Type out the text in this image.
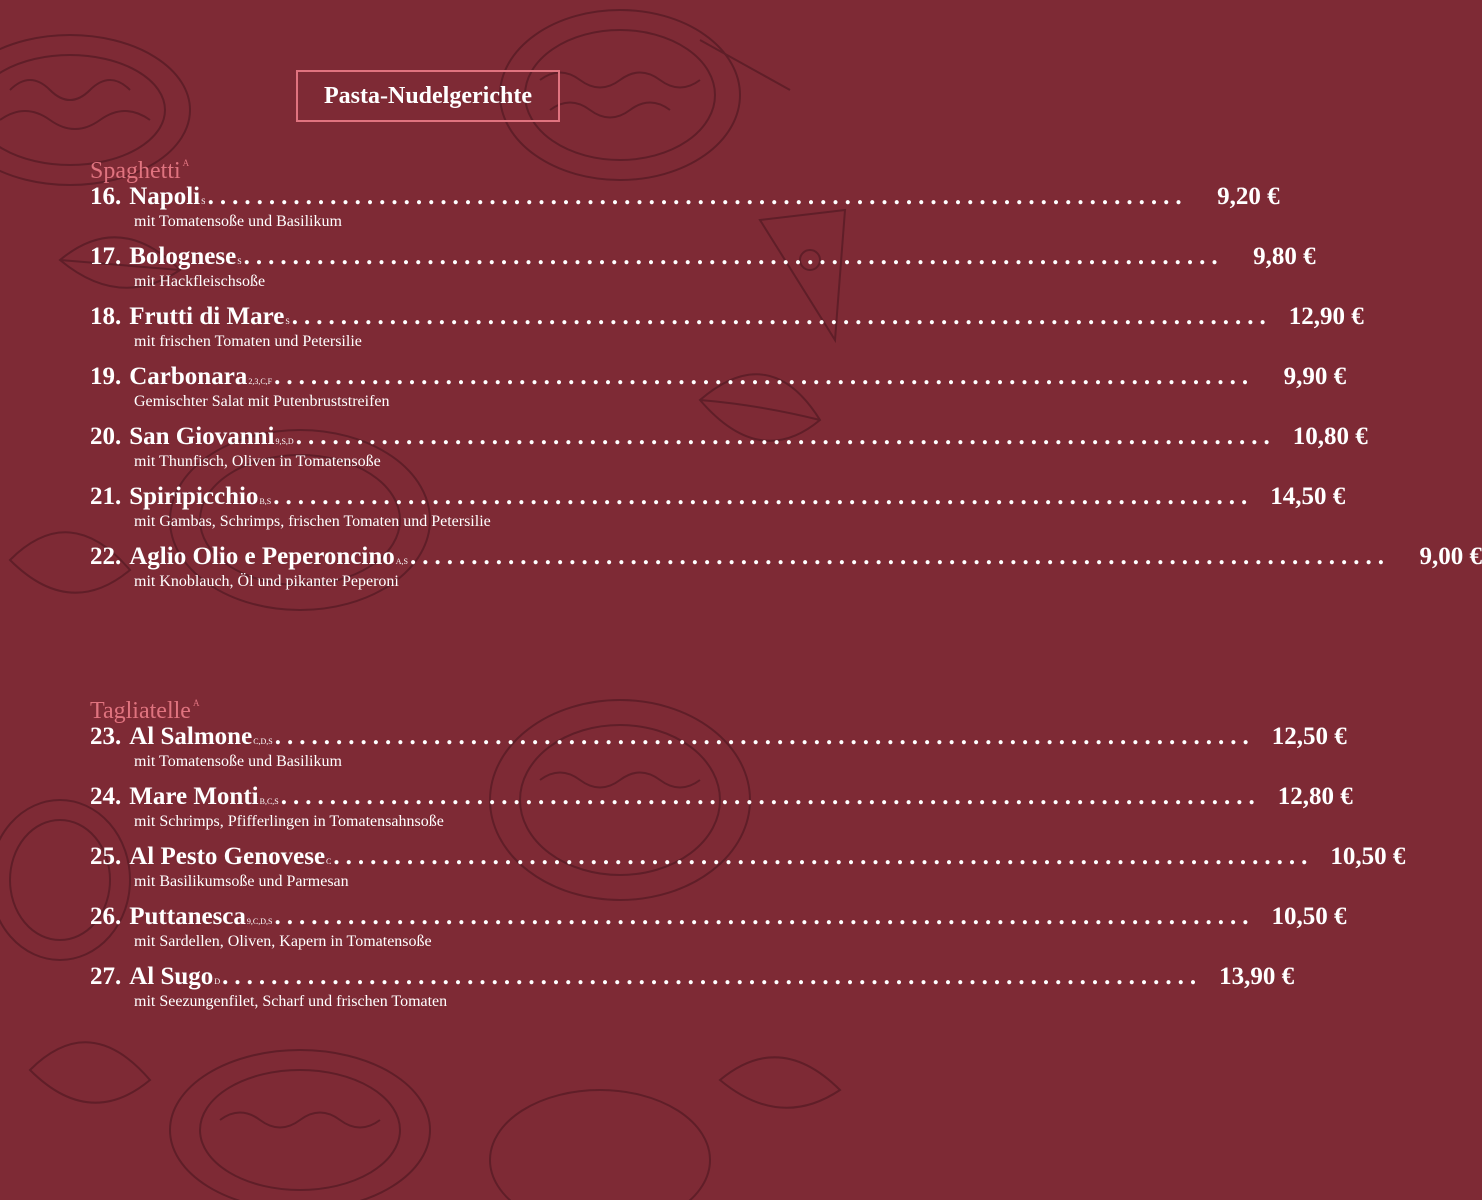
Pasta-Nudelgerichte
Spaghetti $^A$
16. Napoli S ................................................................................	9,20 €
mit Tomatensoße und Basilikum
17. Bolognese S ................................................................................	9,80 €
mit Hackfleischsoße
18. Frutti di Mare S ................................................................................ 12,90 €
mit frischen Tomaten und Petersilie
19. Carbonara 2,3,C,F ................................................................................	9,90 €
Gemischter Salat mit Putenbruststreifen
20. San Giovanni 9,S,D ................................................................................ 10,80 €
mit Thunfisch, Oliven in Tomatensoße
21. Spiripicchio B,S ................................................................................ 14,50 €
mit Gambas, Schrimps, frischen Tomaten und Petersilie
22. Aglio Olio e Peperoncino A,S ................................................................................	9,00 €
mit Knoblauch, Öl und pikanter Peperoni
Tagliatelle $^A$
23. Al Salmone C,D,S ................................................................................ 12,50 €
mit Tomatensoße und Basilikum
24. Mare Monti B,C,S ................................................................................ 12,80 €
mit Schrimps, Pfifferlingen in Tomatensahnsoße
25. Al Pesto Genovese C ................................................................................ 10,50 €
mit Basilikumsoße und Parmesan
26. Puttanesca 9,C,D,S ................................................................................ 10,50 €
mit Sardellen, Oliven, Kapern in Tomatensoße
27. Al Sugo D ................................................................................ 13,90 €
mit Seezungenfilet, Scharf und frischen Tomaten
